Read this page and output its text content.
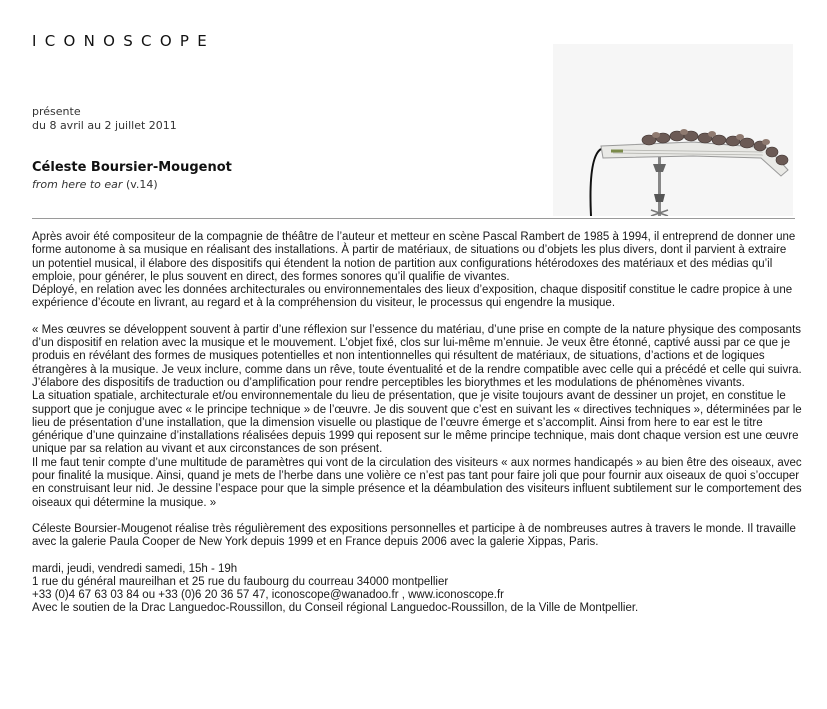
ICONOSCOPE
présente
du 8 avril au 2 juillet 2011
Céleste Boursier-Mougenot
from here to ear (v.14)

Après avoir été compositeur de la compagnie de théâtre de l’auteur et metteur en scène Pascal Rambert de 1985 à 1994, il entreprend de donner une forme autonome à sa musique en réalisant des installations. À partir de matériaux, de situations ou d’objets les plus divers, dont il parvient à extraire un potentiel musical, il élabore des dispositifs qui étendent la notion de partition aux configurations hétérodoxes des matériaux et des médias qu’il emploie, pour générer, le plus souvent en direct, des formes sonores qu’il qualifie de vivantes.

Déployé, en relation avec les données architecturales ou environnementales des lieux d’exposition, chaque dispositif constitue le cadre propice à une expérience d’écoute en livrant, au regard et à la compréhension du visiteur, le processus qui engendre la musique.

« Mes œuvres se développent souvent à partir d’une réflexion sur l’essence du matériau, d’une prise en compte de la nature physique des composants d’un dispositif en relation avec la musique et le mouvement. L’objet fixé, clos sur lui-même m’ennuie. Je veux être étonné, captivé aussi par ce que je produis en révélant des formes de musiques potentielles et non intentionnelles qui résultent de matériaux, de situations, d’actions et de logiques étrangères à la musique. Je veux inclure, comme dans un rêve, toute éventualité et de la rendre compatible avec celle qui a précédé et celle qui suivra. J’élabore des dispositifs de traduction ou d’amplification pour rendre perceptibles les biorythmes et les modulations de phénomènes vivants.

La situation spatiale, architecturale et/ou environnementale du lieu de présentation, que je visite toujours avant de dessiner un projet, en constitue le support que je conjugue avec « le principe technique » de l’œuvre. Je dis souvent que c’est en suivant les « directives techniques », déterminées par le lieu de présentation d’une installation, que la dimension visuelle ou plastique de l’œuvre émerge et s’accomplit. Ainsi from here to ear est le titre générique d’une quinzaine d’installations réalisées depuis 1999 qui reposent sur le même principe technique, mais dont chaque version est une œuvre unique par sa relation au vivant et aux circonstances de son présent.

Il me faut tenir compte d’une multitude de paramètres qui vont de la circulation des visiteurs « aux normes handicapés » au bien être des oiseaux, avec pour finalité la musique. Ainsi, quand je mets de l’herbe dans une volière ce n’est pas tant pour faire joli que pour fournir aux oiseaux de quoi s’occuper en construisant leur nid. Je dessine l’espace pour que la simple présence et la déambulation des visiteurs influent subtilement sur le comportement des oiseaux qui détermine la musique. »

Céleste Boursier-Mougenot réalise très régulièrement des expositions personnelles et participe à de nombreuses autres à travers le monde. Il travaille avec la galerie Paula Cooper de New York depuis 1999 et en France depuis 2006 avec la galerie Xippas, Paris.

mardi, jeudi, vendredi samedi, 15h - 19h

1 rue du général maureilhan et 25 rue du faubourg du courreau 34000 montpellier

+33 (0)4 67 63 03 84 ou +33 (0)6 20 36 57 47, iconoscope@wanadoo.fr , www.iconoscope.fr

Avec le soutien de la Drac Languedoc-Roussillon, du Conseil régional Languedoc-Roussillon, de la Ville de Montpellier.
